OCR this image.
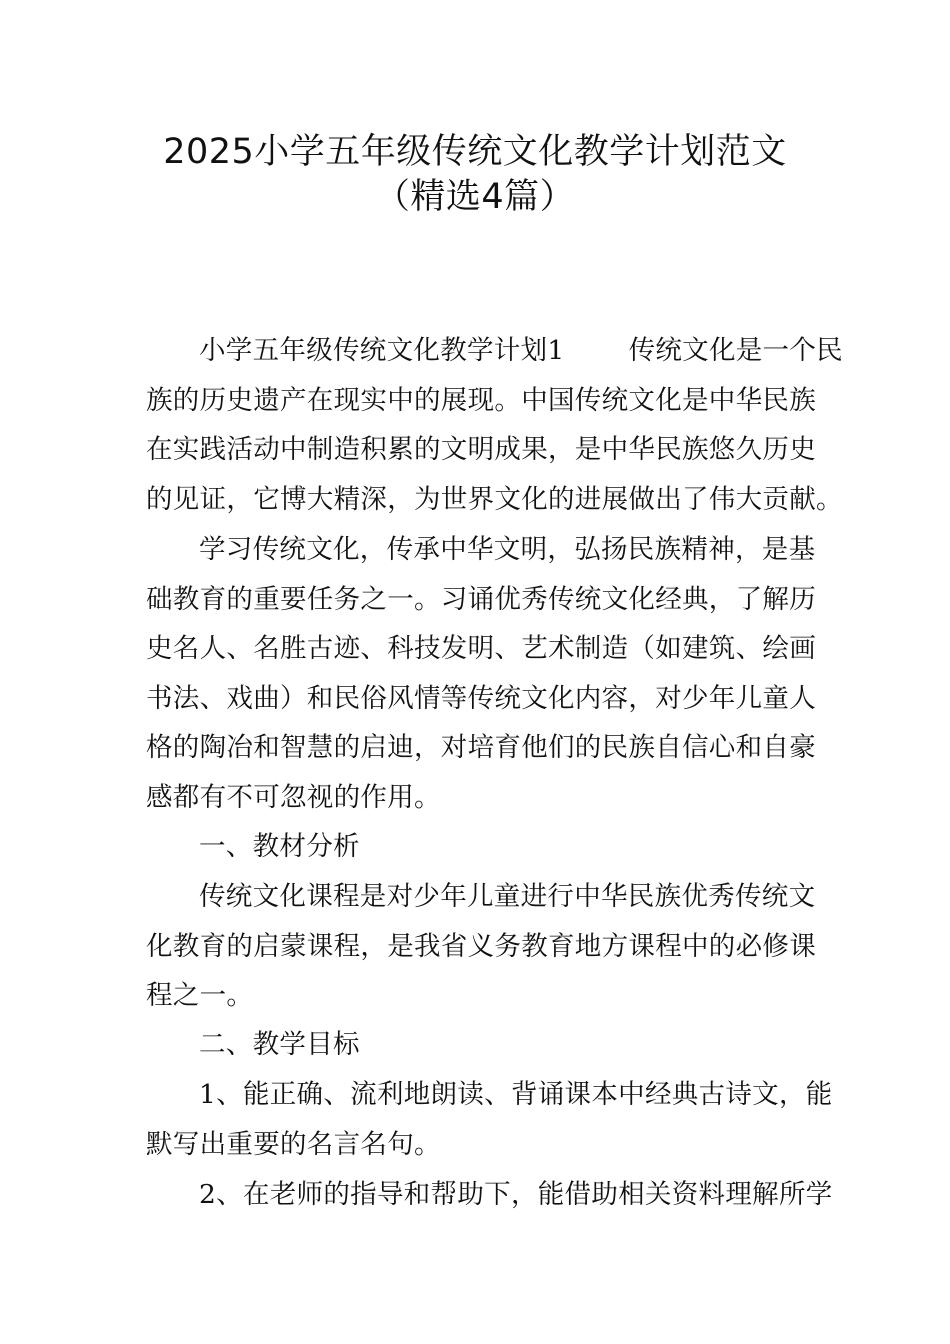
2025小学五年级传统文化教学计划范文
（精选4篇）

小学五年级传统文化教学计划1 传统文化是一个民
族的历史遗产在现实中的展现。中国传统文化是中华民族
在实践活动中制造积累的文明成果，是中华民族悠久历史
的见证，它博大精深，为世界文化的进展做出了伟大贡献。

学习传统文化，传承中华文明，弘扬民族精神，是基
础教育的重要任务之一。习诵优秀传统文化经典，了解历
史名人、名胜古迹、科技发明、艺术制造（如建筑、绘画
书法、戏曲）和民俗风情等传统文化内容，对少年儿童人
格的陶冶和智慧的启迪，对培育他们的民族自信心和自豪
感都有不可忽视的作用。

一、教材分析

传统文化课程是对少年儿童进行中华民族优秀传统文
化教育的启蒙课程，是我省义务教育地方课程中的必修课
程之一。

二、教学目标

1、能正确、流利地朗读、背诵课本中经典古诗文，能
默写出重要的名言名句。

2、在老师的指导和帮助下，能借助相关资料理解所学
